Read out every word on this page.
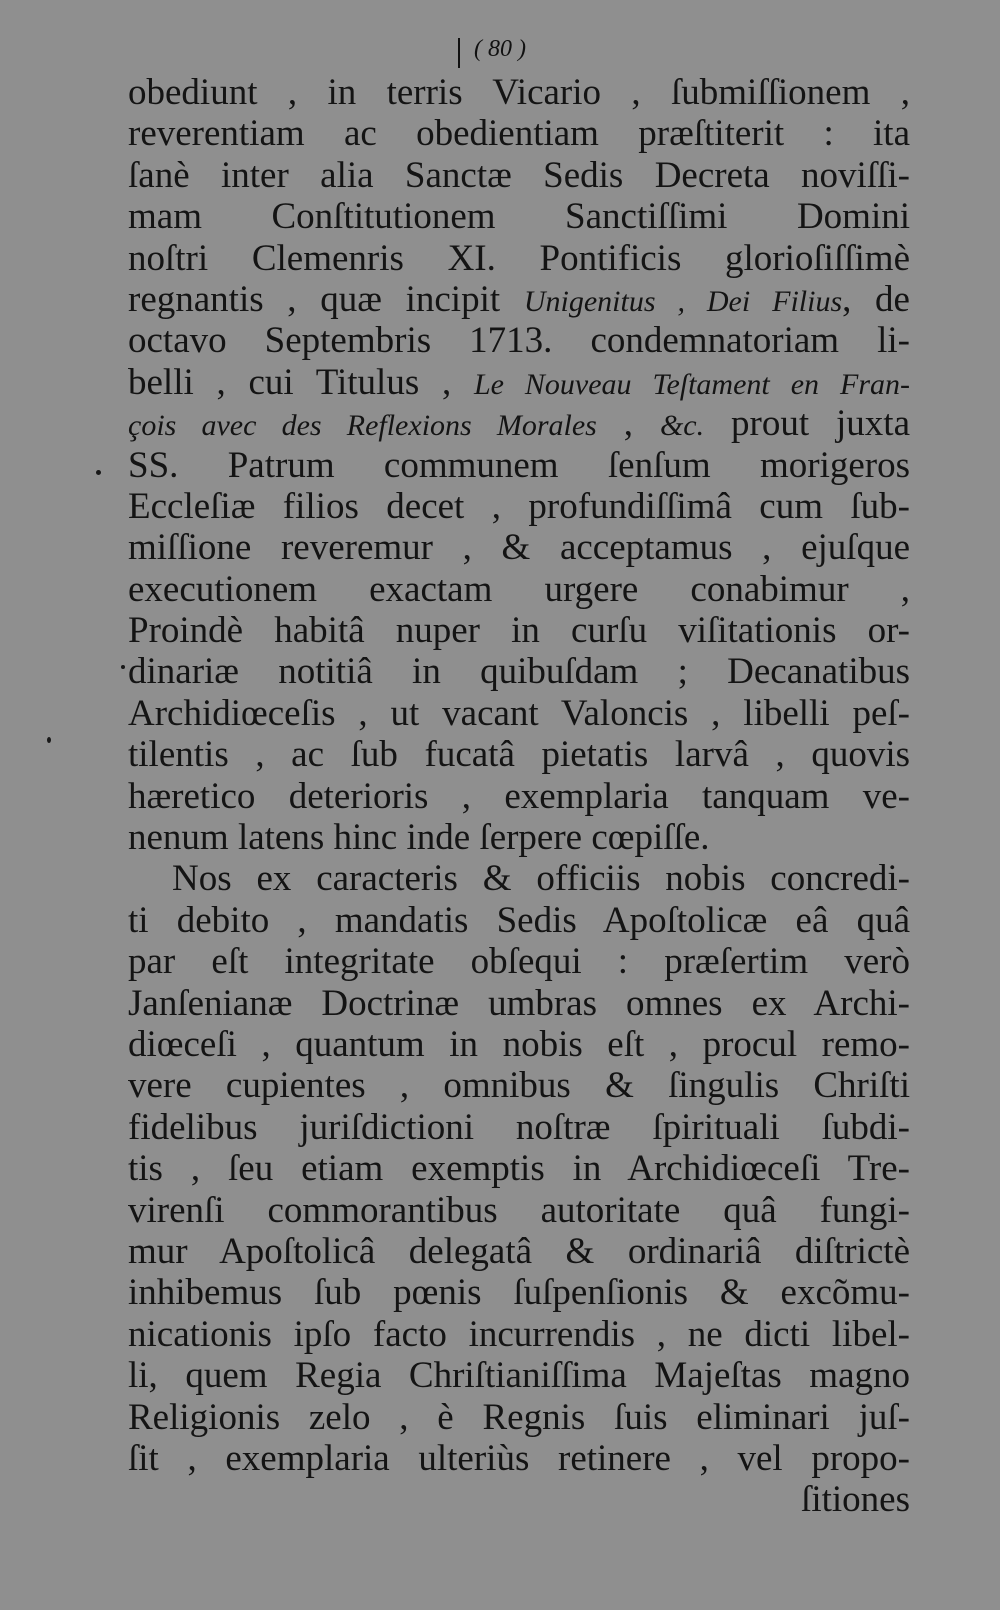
( 80 )
obediunt , in terris Vicario , ſubmiſſionem ,
reverentiam ac obedientiam præſtiterit : ita
ſanè inter alia Sanctæ Sedis Decreta noviſſi-
mam Conſtitutionem Sanctiſſimi Domini
noſtri Clemenris XI. Pontificis glorioſiſſimè
regnantis , quæ incipit Unigenitus , Dei Filius, de
octavo Septembris 1713. condemnatoriam li-
belli , cui Titulus , Le Nouveau Teſtament en Fran-
çois avec des Reflexions Morales , &c. prout juxta
SS. Patrum communem ſenſum morigeros
Eccleſiæ filios decet , profundiſſimâ cum ſub-
miſſione reveremur , & acceptamus , ejuſque
executionem exactam urgere conabimur ,
Proindè habitâ nuper in curſu viſitationis or-
dinariæ notitiâ in quibuſdam ; Decanatibus
Archidiœceſis , ut vacant Valoncis , libelli peſ-
tilentis , ac ſub fucatâ pietatis larvâ , quovis
hæretico deterioris , exemplaria tanquam ve-
nenum latens hinc inde ſerpere cœpiſſe.
Nos ex caracteris & officiis nobis concredi-
ti debito , mandatis Sedis Apoſtolicæ eâ quâ
par eſt integritate obſequi : præſertim verò
Janſenianæ Doctrinæ umbras omnes ex Archi-
diœceſi , quantum in nobis eſt , procul remo-
vere cupientes , omnibus & ſingulis Chriſti
fidelibus juriſdictioni noſtræ ſpirituali ſubdi-
tis , ſeu etiam exemptis in Archidiœceſi Tre-
virenſi commorantibus autoritate quâ fungi-
mur Apoſtolicâ delegatâ & ordinariâ diſtrictè
inhibemus ſub pœnis ſuſpenſionis & excõmu-
nicationis ipſo facto incurrendis , ne dicti libel-
li, quem Regia Chriſtianiſſima Majeſtas magno
Religionis zelo , è Regnis ſuis eliminari juſ-
ſit , exemplaria ulteriùs retinere , vel propo-
ſitiones
